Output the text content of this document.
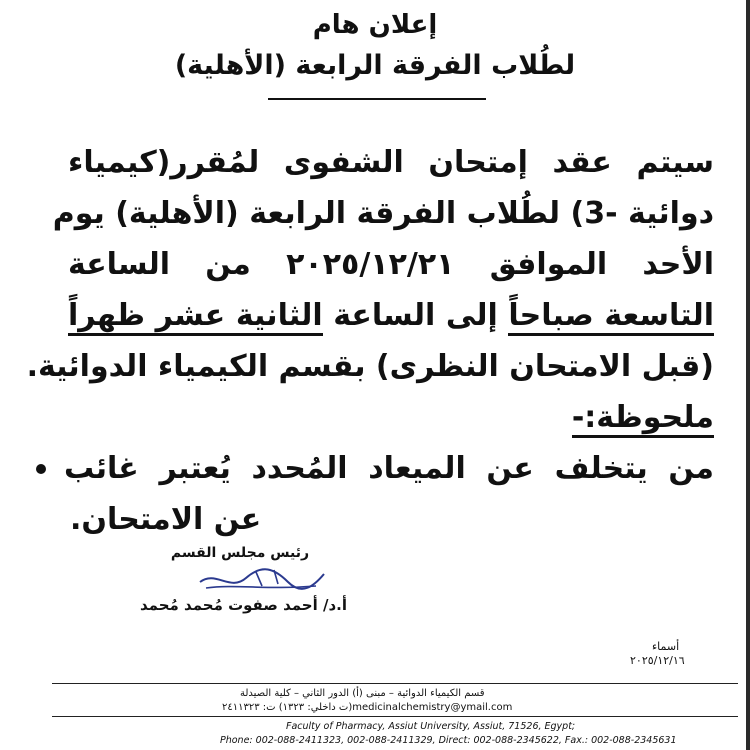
إعلان هام
لطُلاب الفرقة الرابعة (الأهلية)
سيتم عقد إمتحان الشفوى لمُقرر(كيمياء
دوائية -3) لطُلاب الفرقة الرابعة (الأهلية) يوم
الأحد الموافق ٢٠٢٥/١٢/٢١ من الساعة
التاسعة صباحاً إلى الساعة الثانية عشر ظهراً
(قبل الامتحان النظرى) بقسم الكيمياء الدوائية.
ملحوظة:-
من يتخلف عن الميعاد المُحدد يُعتبر غائب
عن الامتحان.
رئيس مجلس القسم
أ.د/ أحمد صفوت مُحمد مُحمد
أسماء
٢٠٢٥/١٢/١٦
قسم الكيمياء الدوائية – مبنى (أ) الدور الثاني – كلية الصيدلة
medicinalchemistry@ymail.com(ت داخلي: ١٣٢٣) ت: ٢٤١١٣٢٣
Faculty of Pharmacy, Assiut University, Assiut, 71526, Egypt;
Phone: 002-088-2411323, 002-088-2411329, Direct: 002-088-2345622, Fax.: 002-088-2345631
